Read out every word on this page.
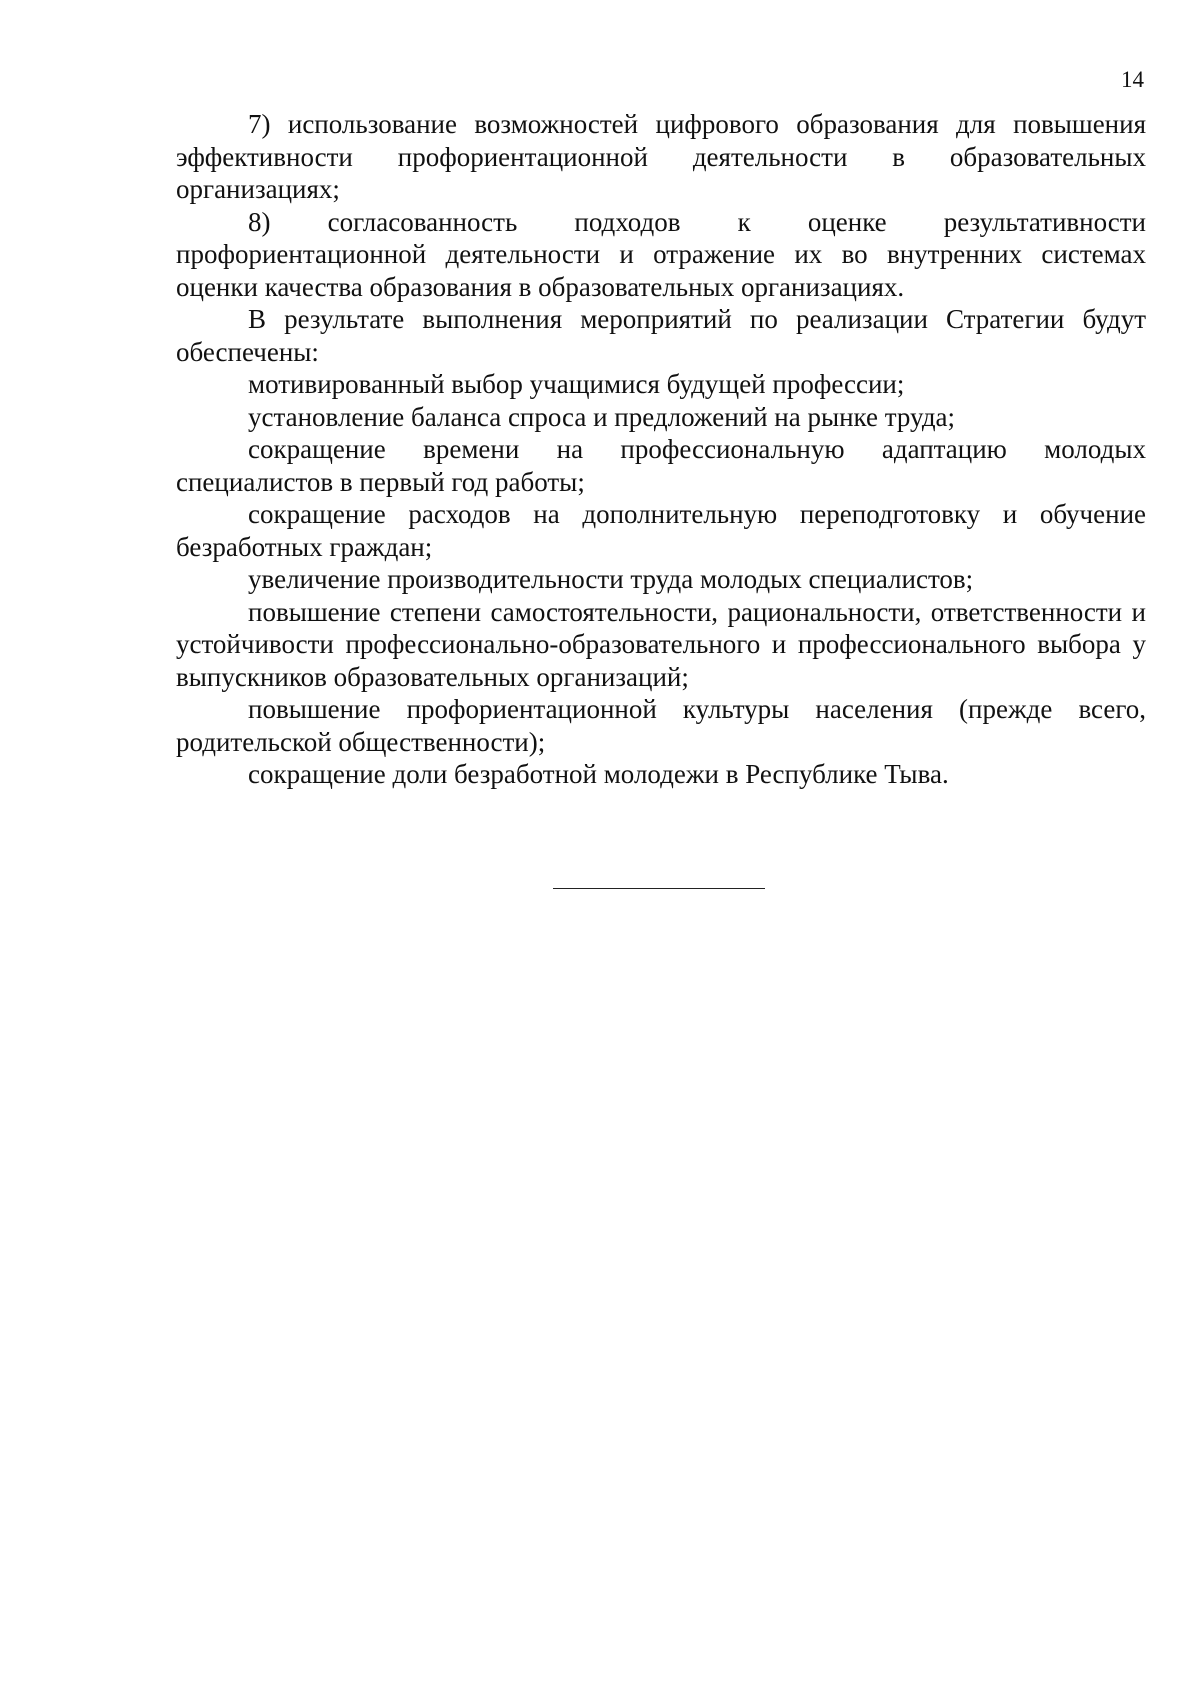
14

7) использование возможностей цифрового образования для повышения эффективности профориентационной деятельности в образовательных организациях;

8) согласованность подходов к оценке результативности профориентационной деятельности и отражение их во внутренних системах оценки качества образования в образовательных организациях.

В результате выполнения мероприятий по реализации Стратегии будут обеспечены:

мотивированный выбор учащимися будущей профессии;

установление баланса спроса и предложений на рынке труда;

сокращение времени на профессиональную адаптацию молодых специалистов в первый год работы;

сокращение расходов на дополнительную переподготовку и обучение безработных граждан;

увеличение производительности труда молодых специалистов;

повышение степени самостоятельности, рациональности, ответственности и устойчивости профессионально-образовательного и профессионального выбора у выпускников образовательных организаций;

повышение профориентационной культуры населения (прежде всего, родительской общественности);

сокращение доли безработной молодежи в Республике Тыва.
